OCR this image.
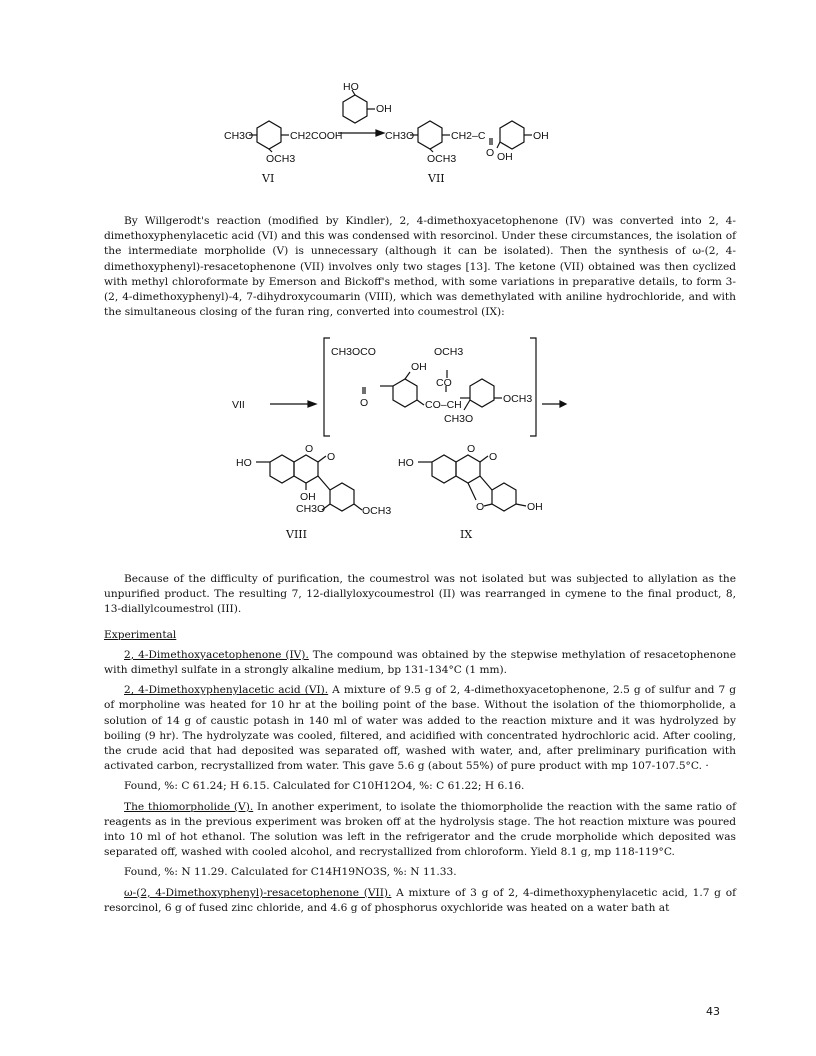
HO
OH
CH3O	CH2COOH
OCH3
CH3O	CH2–C
O
OH
OCH3	OH
VI	VII

By Willgerodt's reaction (modified by Kindler), 2, 4-dimethoxyacetophenone (IV) was converted into 2, 4-dimethoxyphenylacetic acid (VI) and this was condensed with resorcinol. Under these circumstances, the isolation of the intermediate morpholide (V) is unnecessary (although it can be isolated). Then the synthesis of ω-(2, 4-dimethoxyphenyl)-resacetophenone (VII) involves only two stages [13]. The ketone (VII) obtained was then cyclized with methyl chloroformate by Emerson and Bickoff's method, with some variations in preparative details, to form 3-(2, 4-dimethoxyphenyl)-4, 7-dihydroxycoumarin (VIII), which was demethylated with aniline hydrochloride, and with the simultaneous closing of the furan ring, converted into coumestrol (IX):

VII
CH3OCO
O
OH
OCH3
CO
CO–CH	OCH3
CH3O
HO
O
O
OH
CH3O	OCH3
VIII
HO
O
O
O	OH
IX

Because of the difficulty of purification, the coumestrol was not isolated but was subjected to allylation as the unpurified product. The resulting 7, 12-diallyloxycoumestrol (II) was rearranged in cymene to the final product, 8, 13-diallylcoumestrol (III).

Experimental

2, 4-Dimethoxyacetophenone (IV). The compound was obtained by the stepwise methylation of resacetophenone with dimethyl sulfate in a strongly alkaline medium, bp 131-134°C (1 mm).

2, 4-Dimethoxyphenylacetic acid (VI). A mixture of 9.5 g of 2, 4-dimethoxyacetophenone, 2.5 g of sulfur and 7 g of morpholine was heated for 10 hr at the boiling point of the base. Without the isolation of the thiomorpholide, a solution of 14 g of caustic potash in 140 ml of water was added to the reaction mixture and it was hydrolyzed by boiling (9 hr). The hydrolyzate was cooled, filtered, and acidified with concentrated hydrochloric acid. After cooling, the crude acid that had deposited was separated off, washed with water, and, after preliminary purification with activated carbon, recrystallized from water. This gave 5.6 g (about 55%) of pure product with mp 107-107.5°C. ·

Found, %: C 61.24; H 6.15. Calculated for C10H12O4, %: C 61.22; H 6.16.

The thiomorpholide (V). In another experiment, to isolate the thiomorpholide the reaction with the same ratio of reagents as in the previous experiment was broken off at the hydrolysis stage. The hot reaction mixture was poured into 10 ml of hot ethanol. The solution was left in the refrigerator and the crude morpholide which deposited was separated off, washed with cooled alcohol, and recrystallized from chloroform. Yield 8.1 g, mp 118-119°C.

Found, %: N 11.29. Calculated for C14H19NO3S, %: N 11.33.

ω-(2, 4-Dimethoxyphenyl)-resacetophenone (VII). A mixture of 3 g of 2, 4-dimethoxyphenylacetic acid, 1.7 g of resorcinol, 6 g of fused zinc chloride, and 4.6 g of phosphorus oxychloride was heated on a water bath at

43
